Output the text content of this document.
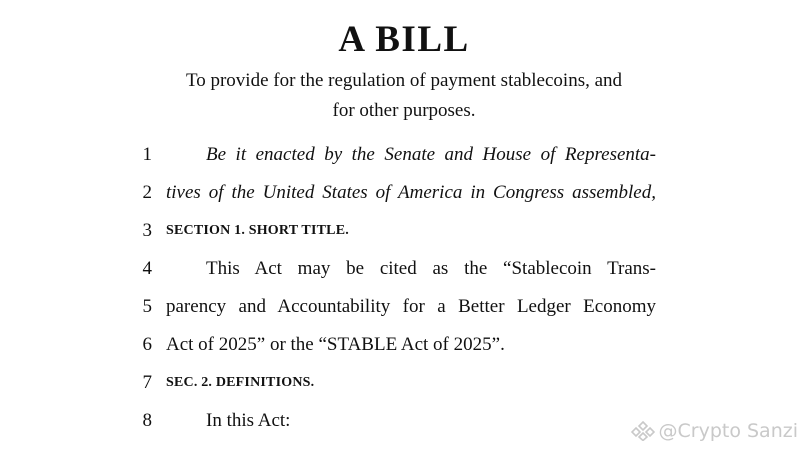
A BILL
To provide for the regulation of payment stablecoins, and
for other purposes.
1	Be it enacted by the Senate and House of Representa-
2 tives of the United States of America in Congress assembled,
3 SECTION 1. SHORT TITLE.
4	This Act may be cited as the “Stablecoin Trans-
5 parency and Accountability for a Better Ledger Economy
6 Act of 2025” or the “STABLE Act of 2025”.
7 SEC. 2. DEFINITIONS.
8	In this Act:	@Crypto Sanzi
